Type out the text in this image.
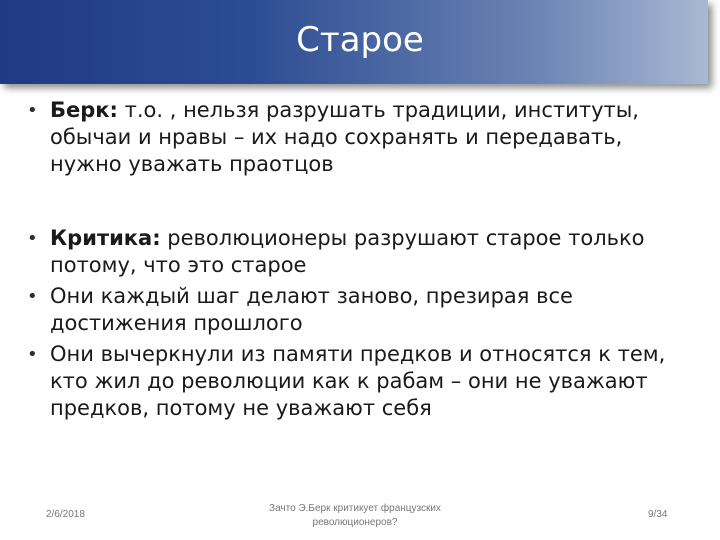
Старое
• Берк: т.о. , нельзя разрушать традиции, институты, обычаи и нравы – их надо сохранять и передавать, нужно уважать праотцов
• Критика: революционеры разрушают старое только потому, что это старое
• Они каждый шаг делают заново, презирая все достижения прошлого
• Они вычеркнули из памяти предков и относятся к тем, кто жил до революции как к рабам – они не уважают предков, потому не уважают себя
2/6/2018
Зачто Э.Берк критикует французских
революционеров?
9/34
